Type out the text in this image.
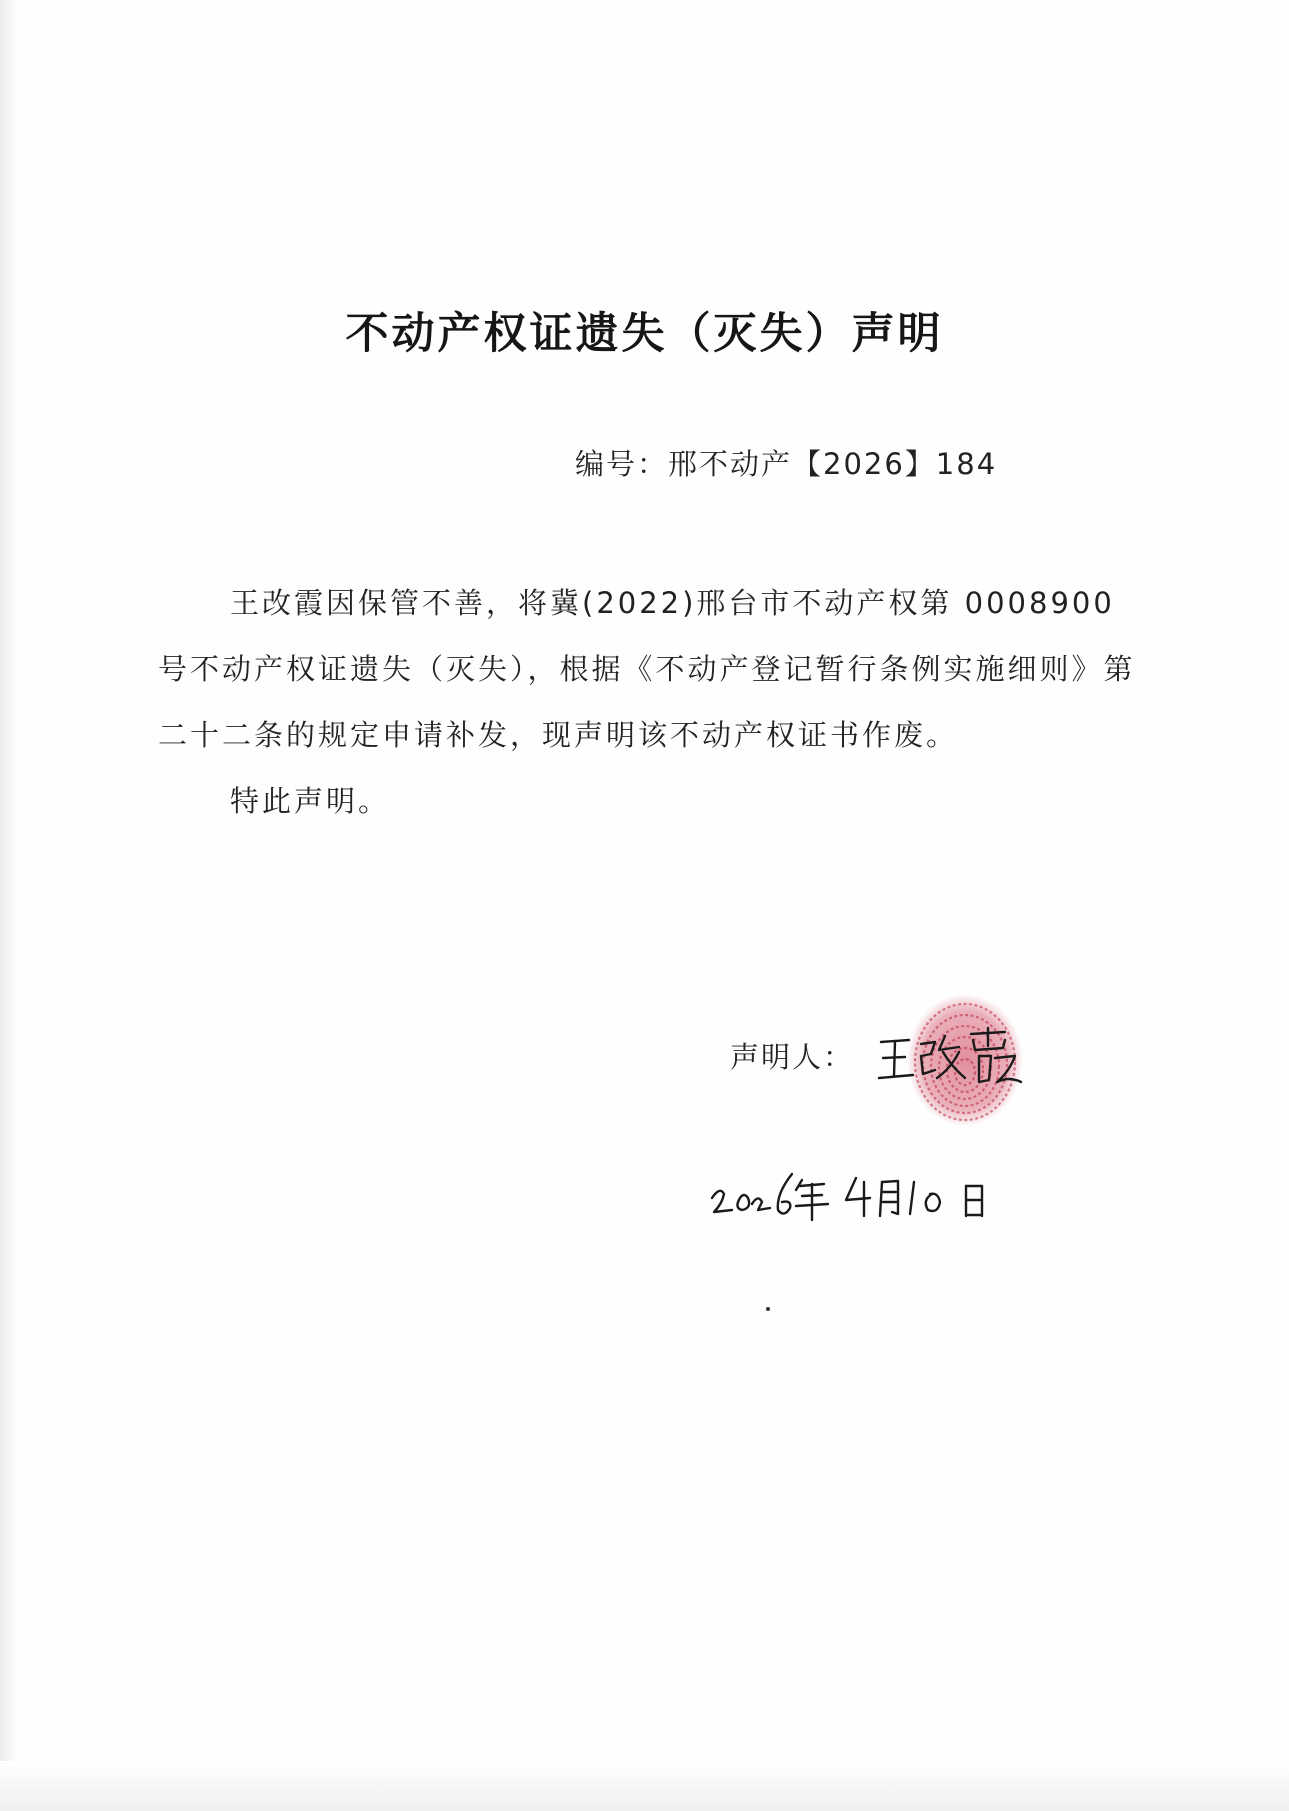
不动产权证遗失（灭失）声明
编号：邢不动产【2026】184

王改霞因保管不善，将冀(2022)邢台市不动产权第 0008900 号不动产权证遗失（灭失），根据《不动产登记暂行条例实施细则》第二十二条的规定申请补发，现声明该不动产权证书作废。

特此声明。

声明人：
